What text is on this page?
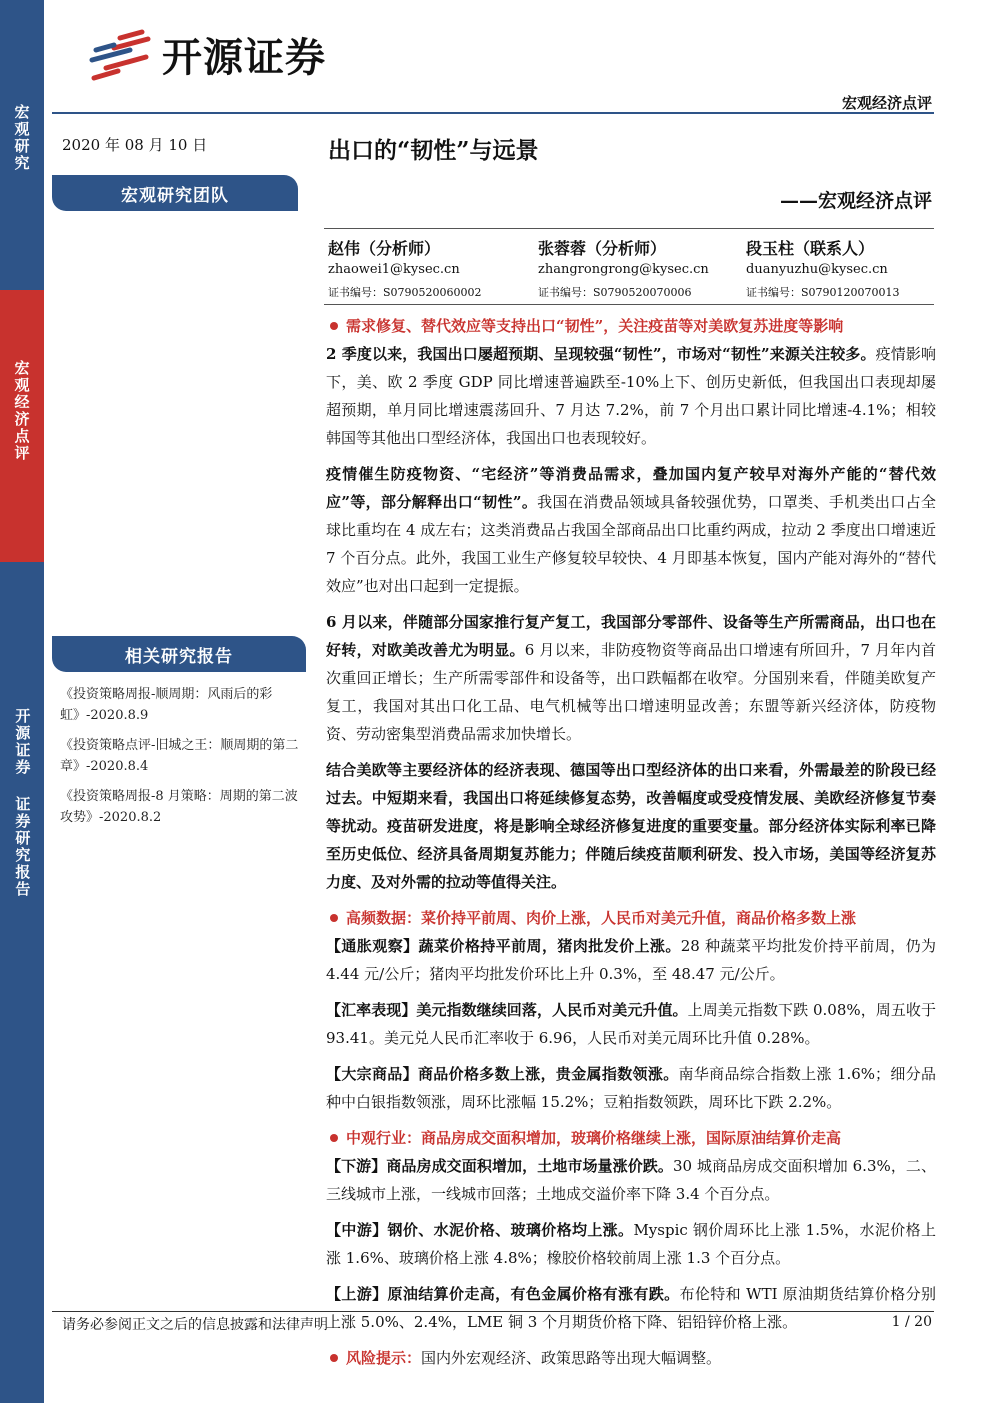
宏观研究
宏观经济点评
开源证券 证券研究报告
开源证券
宏观经济点评
2020 年 08 月 10 日
宏观研究团队
相关研究报告
《投资策略周报-顺周期：风雨后的彩虹》-2020.8.9
《投资策略点评-旧城之王：顺周期的第二章》-2020.8.4
《投资策略周报-8 月策略：周期的第二波攻势》-2020.8.2
出口的“韧性”与远景
——宏观经济点评
赵伟（分析师）
zhaowei1@kysec.cn
证书编号：S0790520060002
张蓉蓉（分析师）
zhangrongrong@kysec.cn
证书编号：S0790520070006
段玉柱（联系人）
duanyuzhu@kysec.cn
证书编号：S0790120070013
需求修复、替代效应等支持出口“韧性”，关注疫苗等对美欧复苏进度等影响

2 季度以来，我国出口屡超预期、呈现较强“韧性”，市场对“韧性”来源关注较多。疫情影响下，美、欧 2 季度 GDP 同比增速普遍跌至-10%上下、创历史新低，但我国出口表现却屡超预期，单月同比增速震荡回升、7 月达 7.2%，前 7 个月出口累计同比增速-4.1%；相较韩国等其他出口型经济体，我国出口也表现较好。

疫情催生防疫物资、“宅经济”等消费品需求，叠加国内复产较早对海外产能的“替代效应”等，部分解释出口“韧性”。我国在消费品领域具备较强优势，口罩类、手机类出口占全球比重均在 4 成左右；这类消费品占我国全部商品出口比重约两成，拉动 2 季度出口增速近 7 个百分点。此外，我国工业生产修复较早较快、4 月即基本恢复，国内产能对海外的“替代效应”也对出口起到一定提振。

6 月以来，伴随部分国家推行复产复工，我国部分零部件、设备等生产所需商品，出口也在好转，对欧美改善尤为明显。6 月以来，非防疫物资等商品出口增速有所回升，7 月年内首次重回正增长；生产所需零部件和设备等，出口跌幅都在收窄。分国别来看，伴随美欧复产复工，我国对其出口化工品、电气机械等出口增速明显改善；东盟等新兴经济体，防疫物资、劳动密集型消费品需求加快增长。

结合美欧等主要经济体的经济表现、德国等出口型经济体的出口来看，外需最差的阶段已经过去。中短期来看，我国出口将延续修复态势，改善幅度或受疫情发展、美欧经济修复节奏等扰动。疫苗研发进度，将是影响全球经济修复进度的重要变量。部分经济体实际利率已降至历史低位、经济具备周期复苏能力；伴随后续疫苗顺利研发、投入市场，美国等经济复苏力度、及对外需的拉动等值得关注。

高频数据：菜价持平前周、肉价上涨，人民币对美元升值，商品价格多数上涨

【通胀观察】蔬菜价格持平前周，猪肉批发价上涨。28 种蔬菜平均批发价持平前周，仍为 4.44 元/公斤；猪肉平均批发价环比上升 0.3%，至 48.47 元/公斤。

【汇率表现】美元指数继续回落，人民币对美元升值。上周美元指数下跌 0.08%，周五收于 93.41。美元兑人民币汇率收于 6.96，人民币对美元周环比升值 0.28%。

【大宗商品】商品价格多数上涨，贵金属指数领涨。南华商品综合指数上涨 1.6%；细分品种中白银指数领涨，周环比涨幅 15.2%；豆粕指数领跌，周环比下跌 2.2%。

中观行业：商品房成交面积增加，玻璃价格继续上涨，国际原油结算价走高

【下游】商品房成交面积增加，土地市场量涨价跌。30 城商品房成交面积增加 6.3%，二、三线城市上涨，一线城市回落；土地成交溢价率下降 3.4 个百分点。

【中游】钢价、水泥价格、玻璃价格均上涨。Myspic 钢价周环比上涨 1.5%，水泥价格上涨 1.6%、玻璃价格上涨 4.8%；橡胶价格较前周上涨 1.3 个百分点。

【上游】原油结算价走高，有色金属价格有涨有跌。布伦特和 WTI 原油期货结算价格分别上涨 5.0%、2.4%，LME 铜 3 个月期货价格下降、铝铅锌价格上涨。

风险提示：国内外宏观经济、政策思路等出现大幅调整。
请务必参阅正文之后的信息披露和法律声明	1 / 20
